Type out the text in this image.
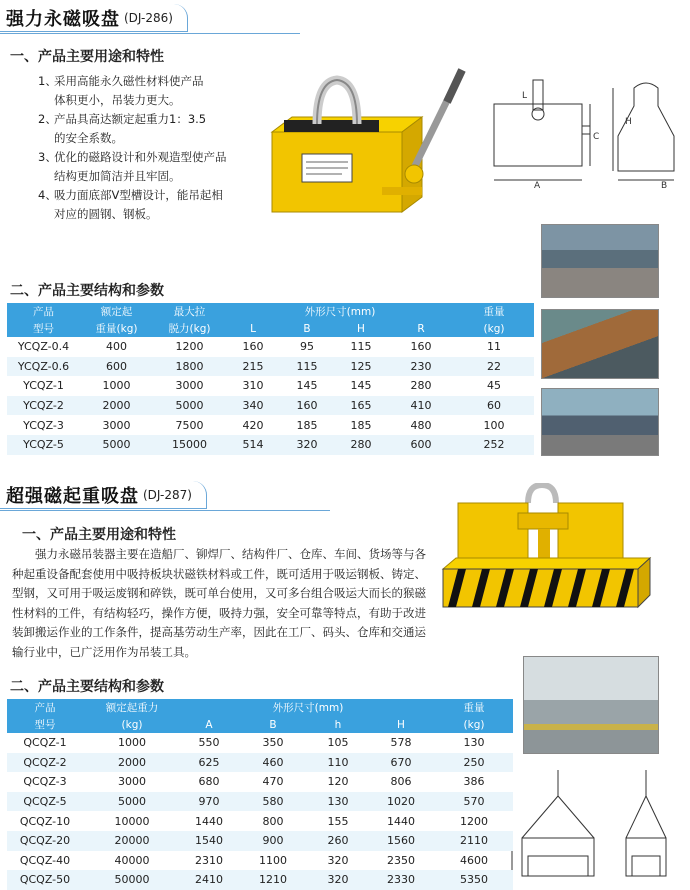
强力永磁吸盘 (DJ-286)
一、产品主要用途和特性
1、
采用高能永久磁性材料使产品
体积更小，吊装力更大。
2、
产品具高达额定起重力1：3.5
的安全系数。
3、
优化的磁路设计和外观造型使产品
结构更加简洁并且牢固。
4、
吸力面底部V型槽设计，能吊起相
对应的圆钢、钢板。
A
C
L
H
B
二、产品主要结构和参数
产品	额定起	最大拉	外形尺寸(mm)				重量
型号	重量(kg)	脱力(kg)	L	B	H	R	(kg)
YCQZ-0.4	400	1200	160	95	115	160	11
YCQZ-0.6	600	1800	215	115	125	230	22
YCQZ-1	1000	3000	310	145	145	280	45
YCQZ-2	2000	5000	340	160	165	410	60
YCQZ-3	3000	7500	420	185	185	480	100
YCQZ-5	5000	15000	514	320	280	600	252
超强磁起重吸盘 (DJ-287)
一、产品主要用途和特性
强力永磁吊装器主要在造船厂、铆焊厂、结构件厂、仓库、车间、货场等与各种起重设备配套使用中吸持板块状磁铁材料或工件，既可适用于吸运钢板、铸定、型钢，又可用于吸运废钢和碎铁，既可单台使用，又可多台组合吸运大而长的猴磁性材料的工件，有结构轻巧，操作方便，吸持力强，安全可靠等特点，有助于改进装卸搬运作业的工作条件，提高基劳动生产率，因此在工厂、码头、仓库和交通运输行业中，已广泛用作为吊装工具。
二、产品主要结构和参数
产品	额定起重力	外形尺寸(mm)				重量
型号	(kg)	A	B	h	H	(kg)
QCQZ-1	1000	550	350	105	578	130
QCQZ-2	2000	625	460	110	670	250
QCQZ-3	3000	680	470	120	806	386
QCQZ-5	5000	970	580	130	1020	570
QCQZ-10	10000	1440	800	155	1440	1200
QCQZ-20	20000	1540	900	260	1560	2110
QCQZ-40	40000	2310	1100	320	2350	4600
QCQZ-50	50000	2410	1210	320	2330	5350
